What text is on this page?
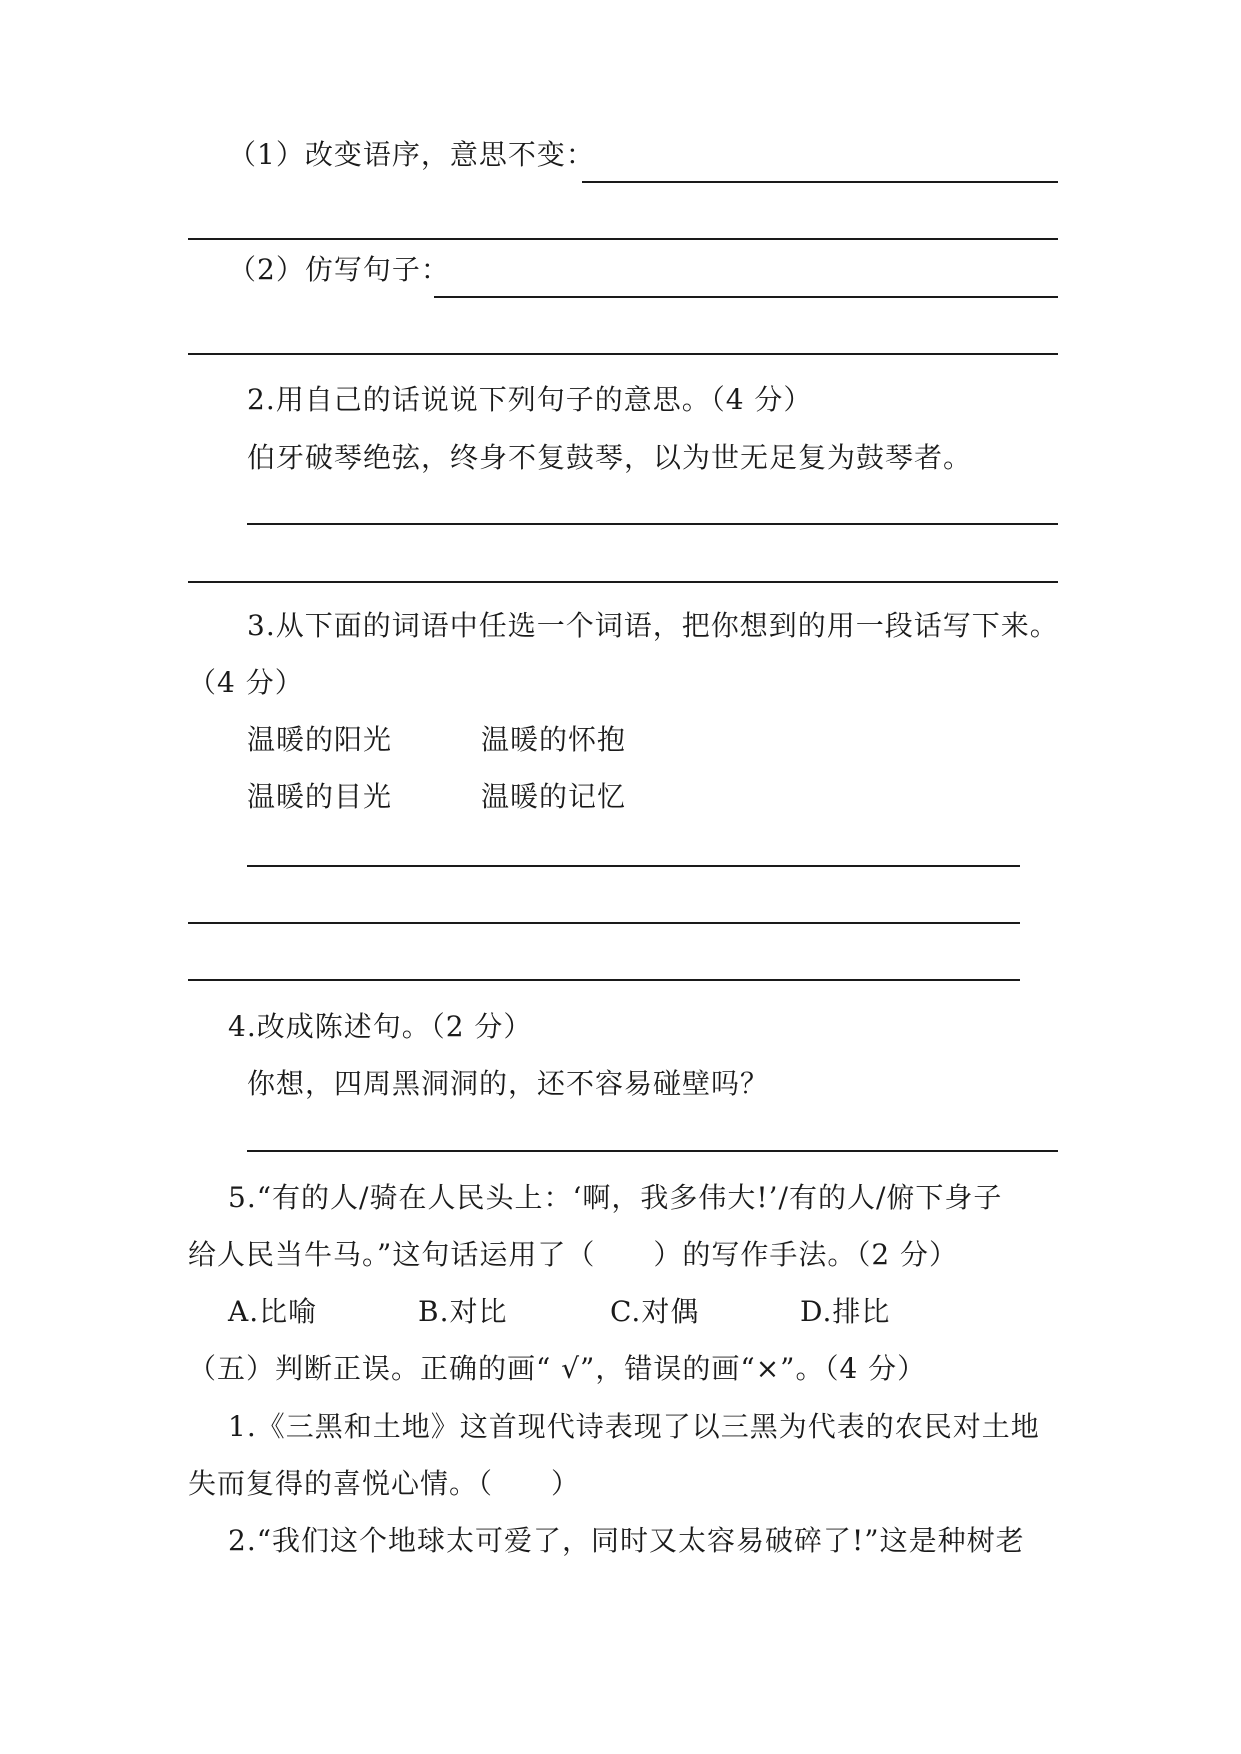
（1）改变语序，意思不变：
（2）仿写句子：
2.用自己的话说说下列句子的意思。（4 分）
伯牙破琴绝弦，终身不复鼓琴，以为世无足复为鼓琴者。
3.从下面的词语中任选一个词语，把你想到的用一段话写下来。
（4 分）
温暖的阳光	温暖的怀抱
温暖的目光	温暖的记忆
4.改成陈述句。（2 分）
你想，四周黑洞洞的，还不容易碰壁吗？
5.“有的人/骑在人民头上：‘啊，我多伟大!’/有的人/俯下身子
给人民当牛马。”这句话运用了（　　）的写作手法。（2 分）
A.比喻	B.对比	C.对偶	D.排比
（五）判断正误。正确的画“ √”，错误的画“×”。（4 分）
1.《三黑和土地》这首现代诗表现了以三黑为代表的农民对土地
失而复得的喜悦心情。（　　）
2.“我们这个地球太可爱了，同时又太容易破碎了!”这是种树老
